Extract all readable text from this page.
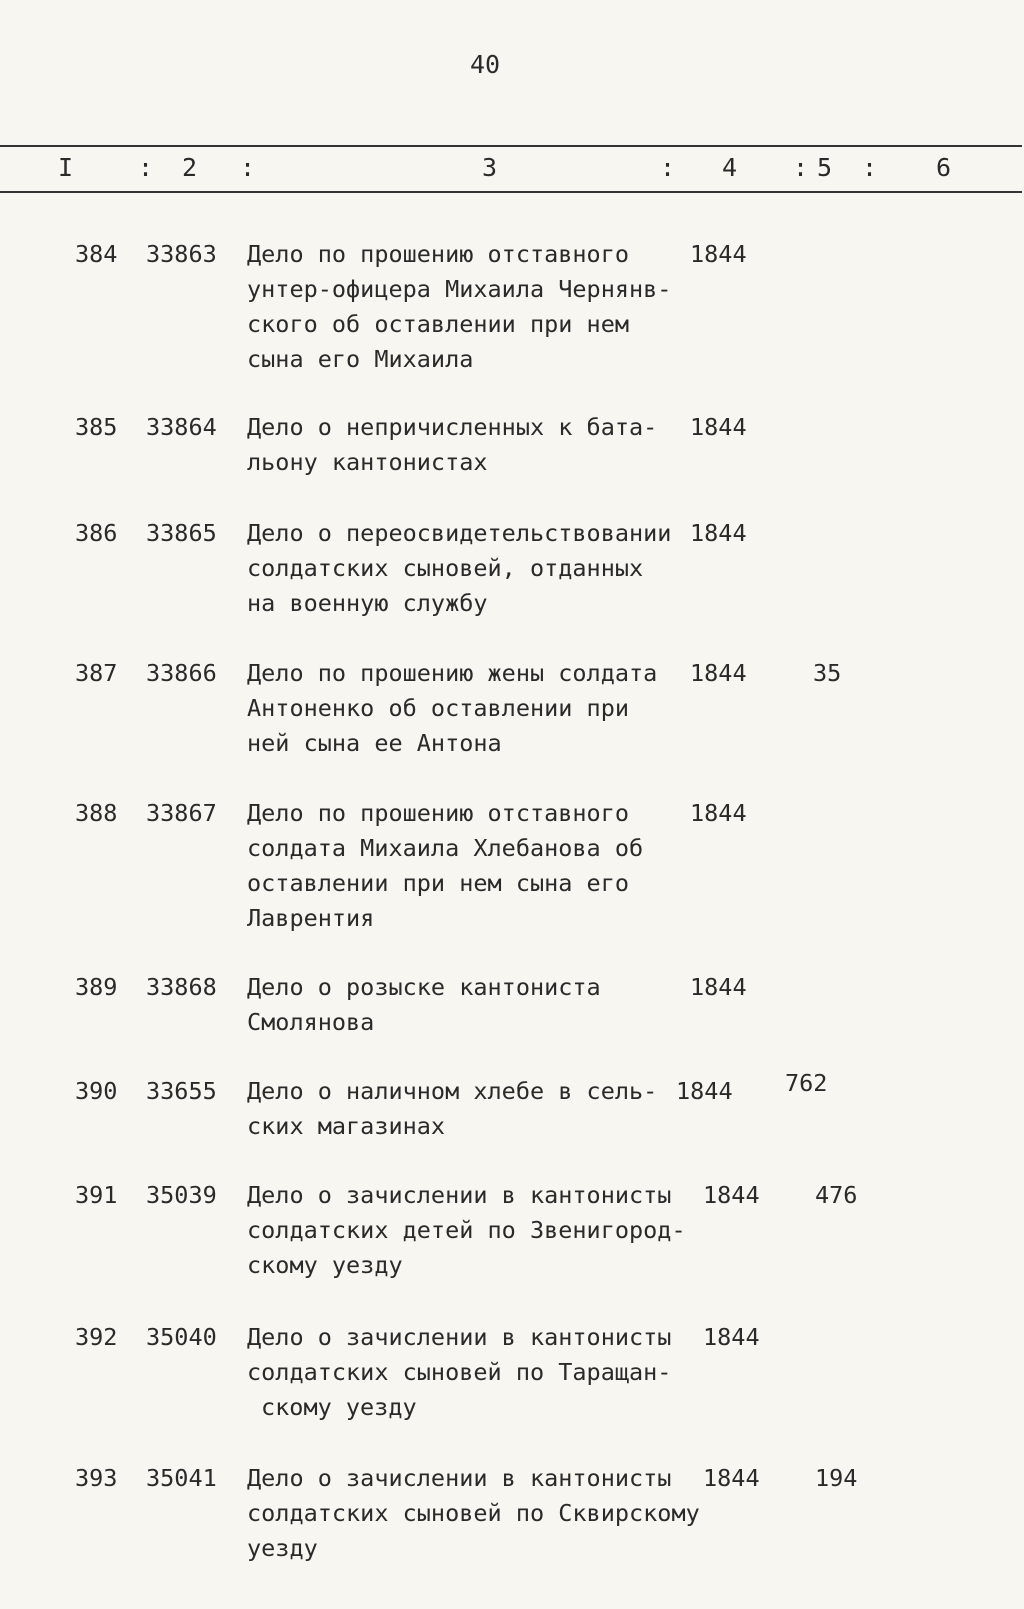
40
I	: 2 :	3	: 4 : 5 : 6
384 33863 Дело по прошению отставного
унтер-офицера Михаила Чернянв-
ского об оставлении при нем
сына его Михаила
1844
385 33864 Дело о непричисленных к бата-
льону кантонистах
1844
386 33865 Дело о переосвидетельствовании
солдатских сыновей, отданных
на военную службу
1844
387 33866 Дело по прошению жены солдата
Антоненко об оставлении при
ней сына ее Антона
1844	35
388 33867 Дело по прошению отставного
солдата Михаила Хлебанова об
оставлении при нем сына его
Лаврентия
1844
389 33868 Дело о розыске кантониста
Смолянова
1844
390 33655 Дело о наличном хлебе в сель-
ских магазинах
1844 762
391 35039 Дело о зачислении в кантонисты
солдатских детей по Звенигород-
скому уезду
1844 476
392 35040 Дело о зачислении в кантонисты
солдатских сыновей по Таращан-
скому уезду
1844
393 35041 Дело о зачислении в кантонисты
солдатских сыновей по Сквирскому
уезду
1844 194
